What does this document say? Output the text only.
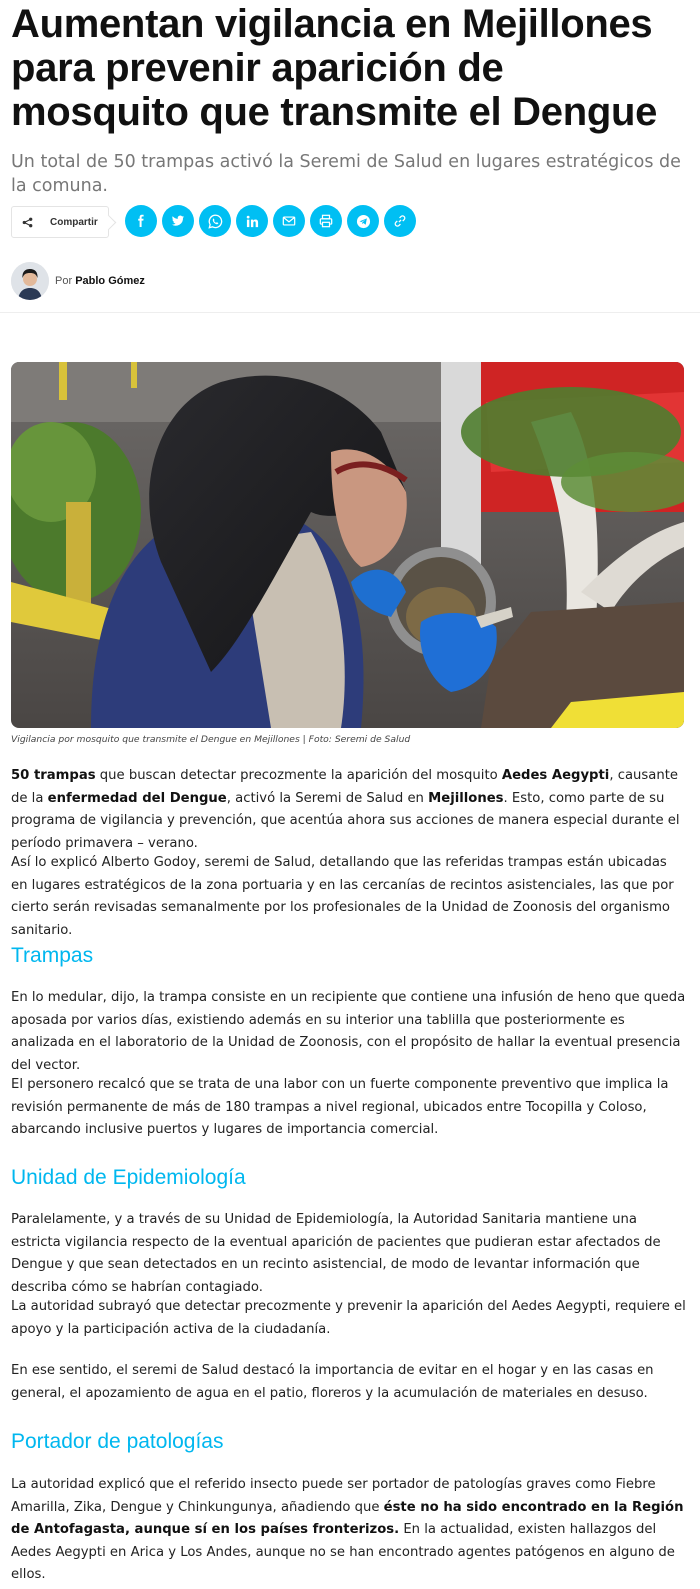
Aumentan vigilancia en Mejillones para prevenir aparición de mosquito que transmite el Dengue

Un total de 50 trampas activó la Seremi de Salud en lugares estratégicos de la comuna.

Compartir
Por Pablo Gómez

Vigilancia por mosquito que transmite el Dengue en Mejillones | Foto: Seremi de Salud

50 trampas que buscan detectar precozmente la aparición del mosquito Aedes Aegypti, causante de la enfermedad del Dengue, activó la Seremi de Salud en Mejillones. Esto, como parte de su programa de vigilancia y prevención, que acentúa ahora sus acciones de manera especial durante el período primavera – verano.

Así lo explicó Alberto Godoy, seremi de Salud, detallando que las referidas trampas están ubicadas en lugares estratégicos de la zona portuaria y en las cercanías de recintos asistenciales, las que por cierto serán revisadas semanalmente por los profesionales de la Unidad de Zoonosis del organismo sanitario.

Trampas

En lo medular, dijo, la trampa consiste en un recipiente que contiene una infusión de heno que queda aposada por varios días, existiendo además en su interior una tablilla que posteriormente es analizada en el laboratorio de la Unidad de Zoonosis, con el propósito de hallar la eventual presencia del vector.

El personero recalcó que se trata de una labor con un fuerte componente preventivo que implica la revisión permanente de más de 180 trampas a nivel regional, ubicados entre Tocopilla y Coloso, abarcando inclusive puertos y lugares de importancia comercial.

Unidad de Epidemiología

Paralelamente, y a través de su Unidad de Epidemiología, la Autoridad Sanitaria mantiene una estricta vigilancia respecto de la eventual aparición de pacientes que pudieran estar afectados de Dengue y que sean detectados en un recinto asistencial, de modo de levantar información que describa cómo se habrían contagiado.

La autoridad subrayó que detectar precozmente y prevenir la aparición del Aedes Aegypti, requiere el apoyo y la participación activa de la ciudadanía.

En ese sentido, el seremi de Salud destacó la importancia de evitar en el hogar y en las casas en general, el apozamiento de agua en el patio, floreros y la acumulación de materiales en desuso.

Portador de patologías

La autoridad explicó que el referido insecto puede ser portador de patologías graves como Fiebre Amarilla, Zika, Dengue y Chinkungunya, añadiendo que éste no ha sido encontrado en la Región de Antofagasta, aunque sí en los países fronterizos. En la actualidad, existen hallazgos del Aedes Aegypti en Arica y Los Andes, aunque no se han encontrado agentes patógenos en alguno de ellos.
